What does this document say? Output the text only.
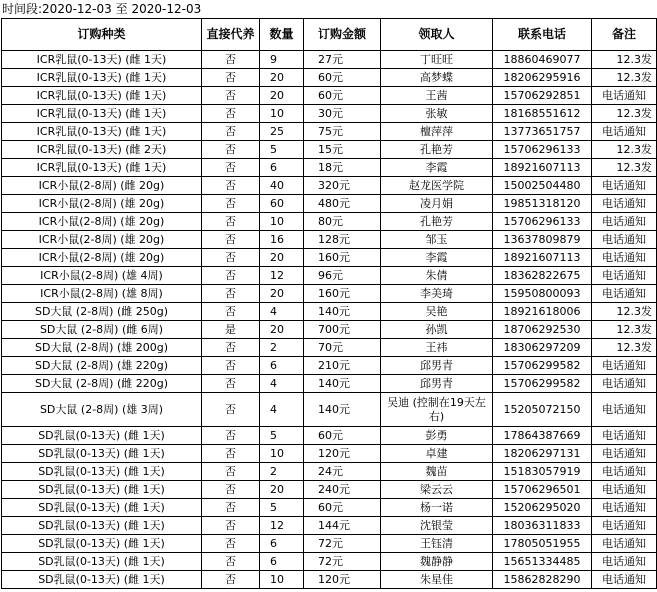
时间段:2020-12-03 至 2020-12-03
订购种类	直接代养	数量	订购金额	领取人	联系电话	备注
ICR乳鼠(0-13天) (雌 1天)	否	9	27元	丁旺旺	18860469077	12.3发
ICR乳鼠(0-13天) (雌 1天)	否	20	60元	高梦蝶	18206295916	12.3发
ICR乳鼠(0-13天) (雌 1天)	否	20	60元	王茜	15706292851	电话通知
ICR乳鼠(0-13天) (雌 1天)	否	10	30元	张敏	18168551612	12.3发
ICR乳鼠(0-13天) (雌 1天)	否	25	75元	檀萍萍	13773651757	电话通知
ICR乳鼠(0-13天) (雌 2天)	否	5	15元	孔艳芳	15706296133	12.3发
ICR乳鼠(0-13天) (雌 1天)	否	6	18元	李霞	18921607113	12.3发
ICR小鼠(2-8周) (雌 20g)	否	40	320元	赵龙医学院	15002504480	电话通知
ICR小鼠(2-8周) (雄 20g)	否	60	480元	凌月娟	19851318120	电话通知
ICR小鼠(2-8周) (雄 20g)	否	10	80元	孔艳芳	15706296133	电话通知
ICR小鼠(2-8周) (雄 20g)	否	16	128元	邹玉	13637809879	电话通知
ICR小鼠(2-8周) (雄 20g)	否	20	160元	李霞	18921607113	电话通知
ICR小鼠(2-8周) (雄 4周)	否	12	96元	朱倩	18362822675	电话通知
ICR小鼠(2-8周) (雄 8周)	否	20	160元	李美琦	15950800093	电话通知
SD大鼠 (2-8周) (雌 250g)	否	4	140元	吴艳	18921618006	12.3发
SD大鼠 (2-8周) (雌 6周)	是	20	700元	孙凯	18706292530	12.3发
SD大鼠 (2-8周) (雄 200g)	否	2	70元	王祎	18306297209	12.3发
SD大鼠 (2-8周) (雄 220g)	否	6	210元	邱男青	15706299582	电话通知
SD大鼠 (2-8周) (雌 220g)	否	4	140元	邱男青	15706299582	电话通知
SD大鼠 (2-8周) (雄 3周)	否	4	140元	吴迪 (控制在19天左右)	15205072150	电话通知
SD乳鼠(0-13天) (雌 1天)	否	5	60元	彭勇	17864387669	电话通知
SD乳鼠(0-13天) (雌 1天)	否	10	120元	卓建	18206297131	电话通知
SD乳鼠(0-13天) (雌 1天)	否	2	24元	魏苗	15183057919	电话通知
SD乳鼠(0-13天) (雌 1天)	否	20	240元	梁云云	15706296501	电话通知
SD乳鼠(0-13天) (雌 1天)	否	5	60元	杨一诺	15206295020	电话通知
SD乳鼠(0-13天) (雌 1天)	否	12	144元	沈银莹	18036311833	电话通知
SD乳鼠(0-13天) (雌 1天)	否	6	72元	王钰清	17805051955	电话通知
SD乳鼠(0-13天) (雌 1天)	否	6	72元	魏静静	15651334485	电话通知
SD乳鼠(0-13天) (雌 1天)	否	10	120元	朱星佳	15862828290	电话通知
